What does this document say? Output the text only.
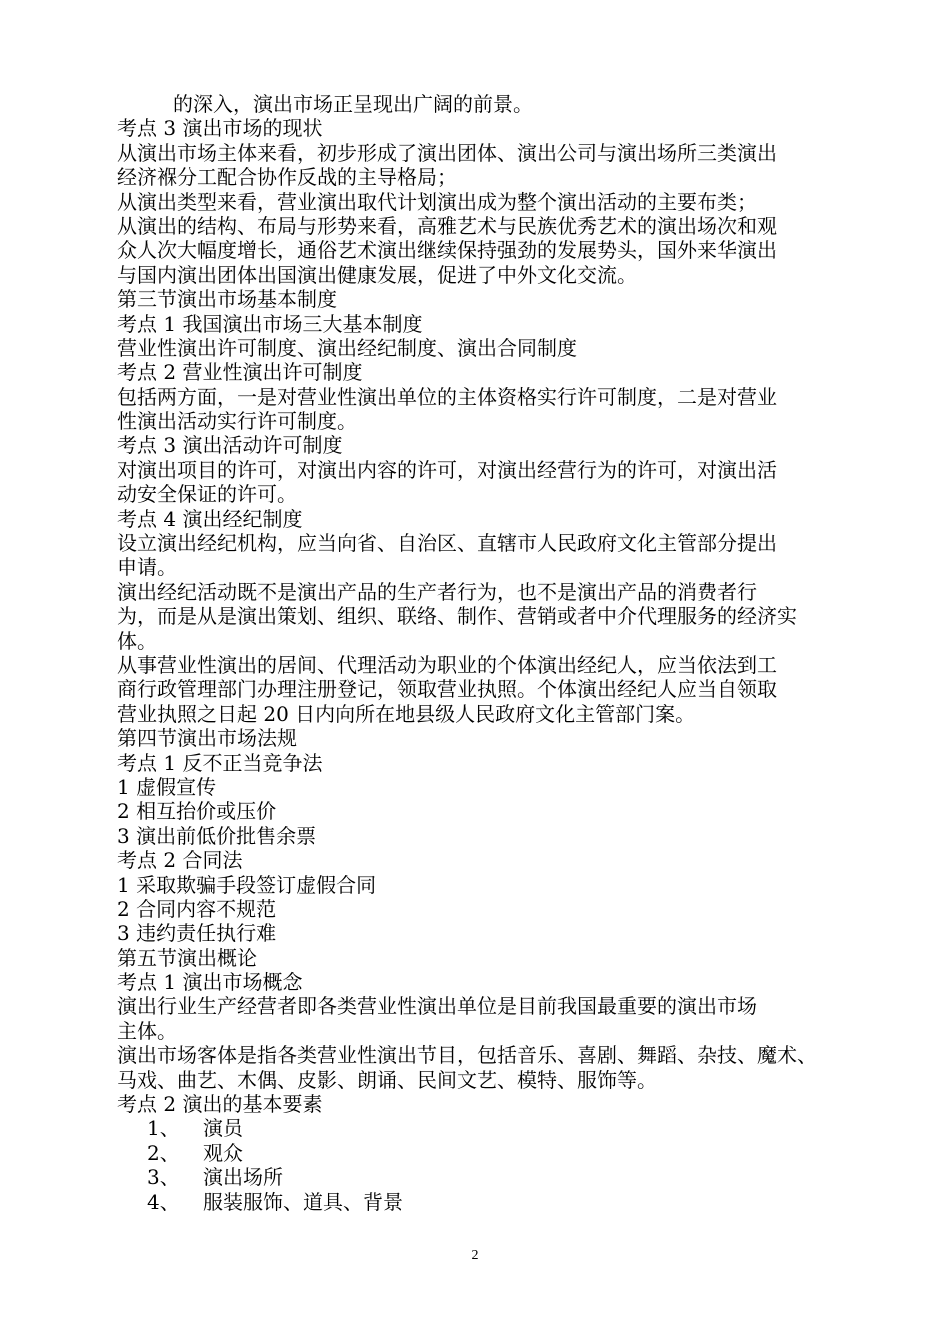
的深入，演出市场正呈现出广阔的前景。
考点 3 演出市场的现状
从演出市场主体来看，初步形成了演出团体、演出公司与演出场所三类演出
经济褓分工配合协作反战的主导格局；
从演出类型来看，营业演出取代计划演出成为整个演出活动的主要布类；
从演出的结构、布局与形势来看，高雅艺术与民族优秀艺术的演出场次和观
众人次大幅度增长，通俗艺术演出继续保持强劲的发展势头，国外来华演出
与国内演出团体出国演出健康发展，促进了中外文化交流。
第三节演出市场基本制度
考点 1 我国演出市场三大基本制度
营业性演出许可制度、演出经纪制度、演出合同制度
考点 2 营业性演出许可制度
包括两方面，一是对营业性演出单位的主体资格实行许可制度，二是对营业
性演出活动实行许可制度。
考点 3 演出活动许可制度
对演出项目的许可，对演出内容的许可，对演出经营行为的许可，对演出活
动安全保证的许可。
考点 4 演出经纪制度
设立演出经纪机构，应当向省、自治区、直辖市人民政府文化主管部分提出
申请。
演出经纪活动既不是演出产品的生产者行为，也不是演出产品的消费者行
为，而是从是演出策划、组织、联络、制作、营销或者中介代理服务的经济实
体。
从事营业性演出的居间、代理活动为职业的个体演出经纪人，应当依法到工
商行政管理部门办理注册登记，领取营业执照。个体演出经纪人应当自领取
营业执照之日起 20 日内向所在地县级人民政府文化主管部门案。
第四节演出市场法规
考点 1 反不正当竞争法
1 虚假宣传
2 相互抬价或压价
3 演出前低价批售余票
考点 2 合同法
1 采取欺骗手段签订虚假合同
2 合同内容不规范
3 违约责任执行难
第五节演出概论
考点 1 演出市场概念
演出行业生产经营者即各类营业性演出单位是目前我国最重要的演出市场
主体。
演出市场客体是指各类营业性演出节目，包括音乐、喜剧、舞蹈、杂技、魔术、
马戏、曲艺、木偶、皮影、朗诵、民间文艺、模特、服饰等。
考点 2 演出的基本要素
1、 演员
2、 观众
3、 演出场所
4、 服装服饰、道具、背景
2
